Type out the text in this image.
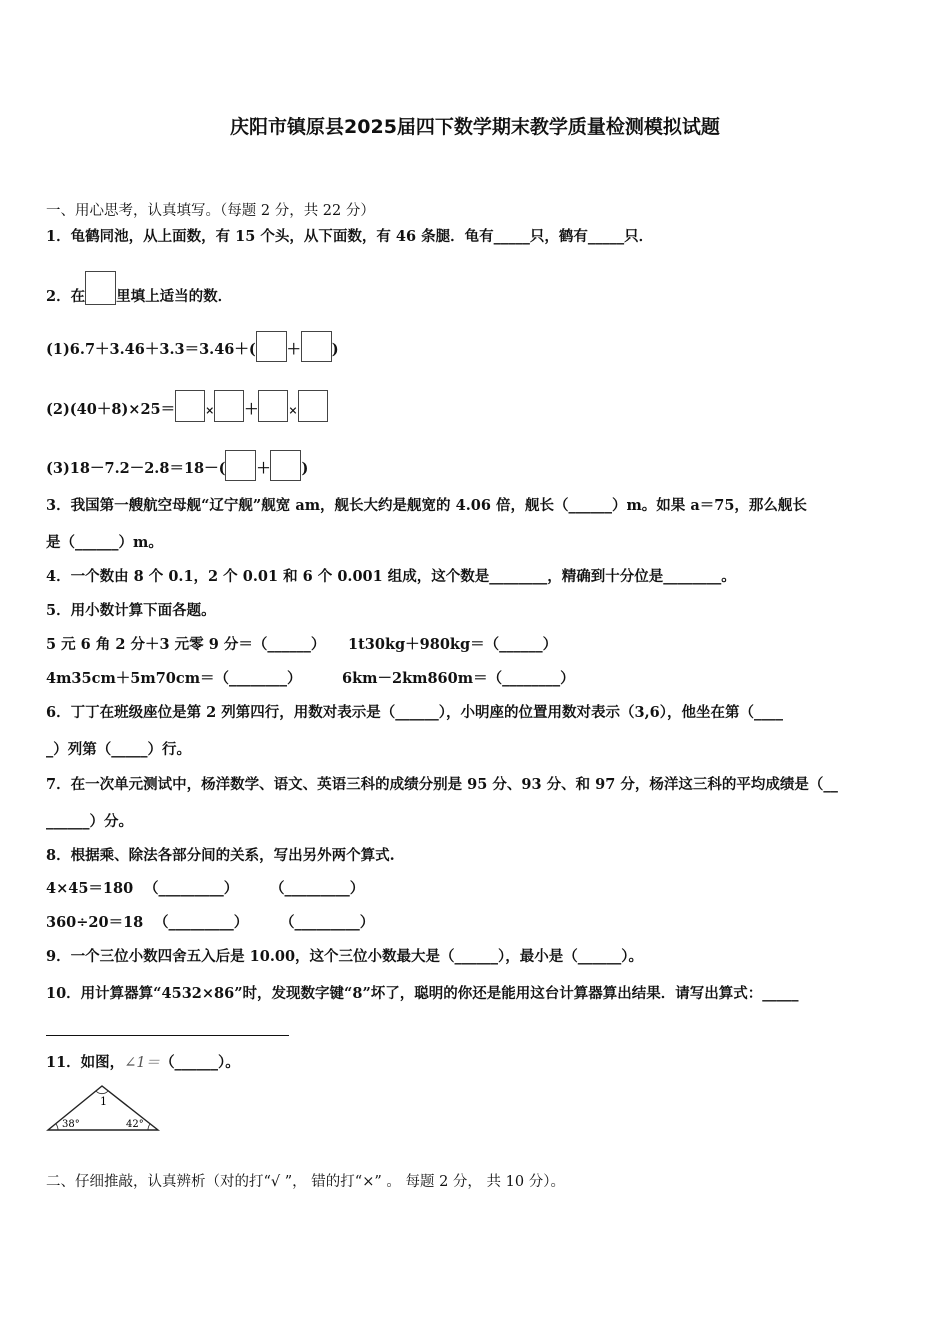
庆阳市镇原县2025届四下数学期末教学质量检测模拟试题
一、用心思考，认真填写。（每题 2 分，共 22 分）
1．龟鹤同池，从上面数，有 15 个头，从下面数，有 46 条腿．龟有_____只，鹤有_____只．
2．在 里填上适当的数．
(1)6.7＋3.46＋3.3＝3.46＋( ＋ )
(2)(40＋8)×25＝	× ＋	×
(3)18－7.2－2.8＝18－( ＋ )
3．我国第一艘航空母舰“辽宁舰”舰宽 am，舰长大约是舰宽的 4.06 倍，舰长（______）m。如果 a＝75，那么舰长
是（______）m。
4．一个数由 8 个 0.1，2 个 0.01 和 6 个 0.001 组成，这个数是________，精确到十分位是________。
5．用小数计算下面各题。
5 元 6 角 2 分＋3 元零 9 分＝（______） 1t30kg＋980kg＝（______）
4m35cm＋5m70cm＝（________）	6km－2km860m＝（________）
6．丁丁在班级座位是第 2 列第四行，用数对表示是（______），小明座的位置用数对表示（3,6），他坐在第（____
_）列第（_____）行。
7．在一次单元测试中，杨洋数学、语文、英语三科的成绩分别是 95 分、93 分、和 97 分，杨洋这三科的平均成绩是（__
______）分。
8．根据乘、除法各部分间的关系，写出另外两个算式.
4×45＝180 （_________） （_________）
360÷20＝18 （_________） （_________）
9．一个三位小数四舍五入后是 10.00，这个三位小数最大是（______），最小是（______）。
10．用计算器算“4532×86”时，发现数字键“8”坏了，聪明的你还是能用这台计算器算出结果．请写出算式：_____
11．如图，∠1＝（______）。
1
38°	42°
二、仔细推敲，认真辨析（对的打“√ ”， 错的打“×” 。 每题 2 分， 共 10 分）。
